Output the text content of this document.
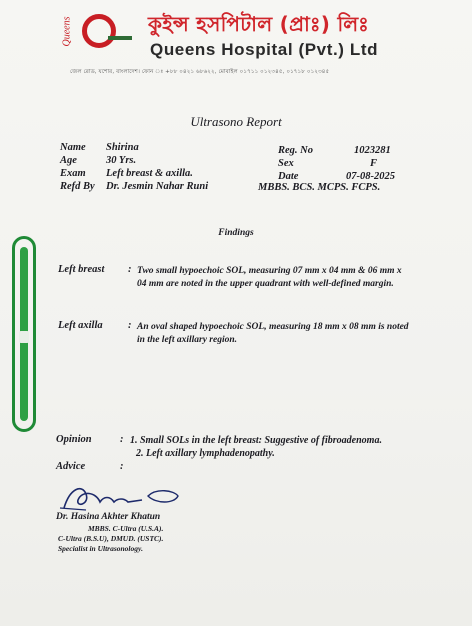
Queens	কুইন্স হসপিটাল (প্রাঃ) লিঃ
Queens Hospital (Pvt.) Ltd
জেল রোড, যশোর, বাংলাদেশ। ফোন ঃ +৮৮ ০৪২১ ৬৮৬২২, মোবাইল ০১৭১১ ০১২৩৪৫, ০১৭১৮ ০১২৩৪৫
Ultrasono Report
Name Shirina
Age	30 Yrs.
Exam Left breast & axilla.
Refd By Dr. Jesmin Nahar Runi
Reg. No	1023281
Sex	F
Date	07-08-2025
MBBS. BCS. MCPS. FCPS.
Findings
Left breast : Two small hypoechoic SOL, measuring 07 mm x 04 mm & 06 mm x 04 mm are noted in the upper quadrant with well-defined margin.
Left axilla : An oval shaped hypoechoic SOL, measuring 18 mm x 08 mm is noted in the left axillary region.
Opinion	: 1. Small SOLs in the left breast: Suggestive of fibroadenoma.
2. Left axillary lymphadenopathy.
Advice	:
Dr. Hasina Akhter Khatun
MBBS. C-Ultra (U.S.A).
C-Ultra (B.S.U), DMUD. (USTC).
Specialist in Ultrasonology.
